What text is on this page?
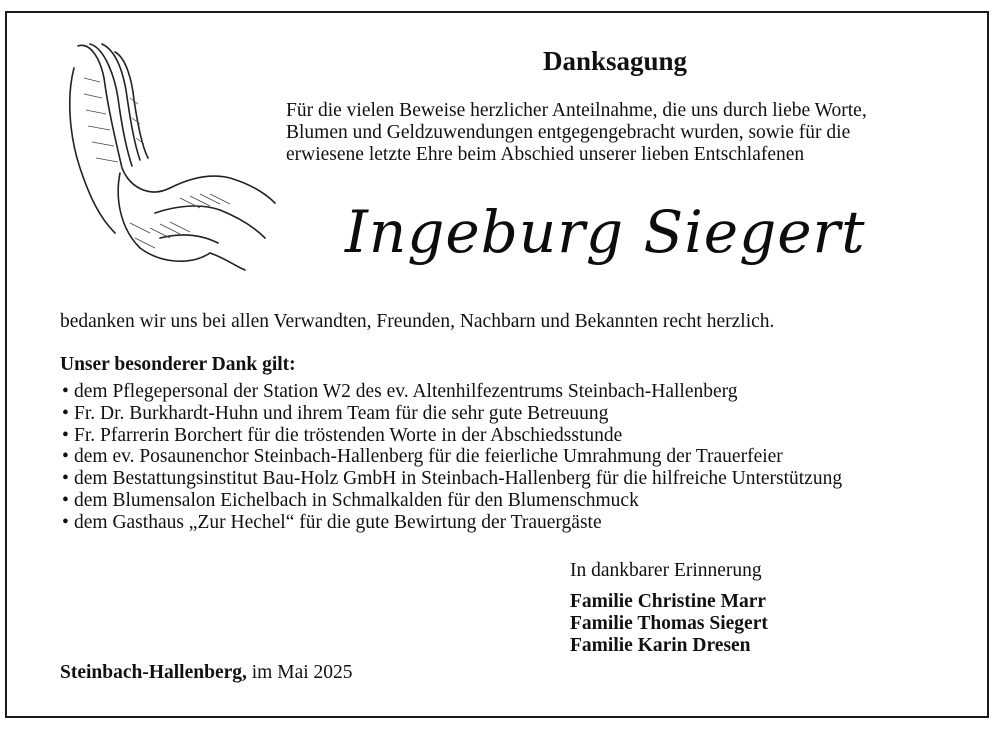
Danksagung
Für die vielen Beweise herzlicher Anteilnahme, die uns durch liebe Worte,
Blumen und Geldzuwendungen entgegengebracht wurden, sowie für die
erwiesene letzte Ehre beim Abschied unserer lieben Entschlafenen
Ingeburg Siegert
bedanken wir uns bei allen Verwandten, Freunden, Nachbarn und Bekannten recht herzlich.
Unser besonderer Dank gilt:
• dem Pflegepersonal der Station W2 des ev. Altenhilfezentrums Steinbach-Hallenberg
• Fr. Dr. Burkhardt-Huhn und ihrem Team für die sehr gute Betreuung
• Fr. Pfarrerin Borchert für die tröstenden Worte in der Abschiedsstunde
• dem ev. Posaunenchor Steinbach-Hallenberg für die feierliche Umrahmung der Trauerfeier
• dem Bestattungsinstitut Bau-Holz GmbH in Steinbach-Hallenberg für die hilfreiche Unterstützung
• dem Blumensalon Eichelbach in Schmalkalden für den Blumenschmuck
• dem Gasthaus „Zur Hechel“ für die gute Bewirtung der Trauergäste
In dankbarer Erinnerung
Familie Christine Marr
Familie Thomas Siegert
Familie Karin Dresen
Steinbach-Hallenberg, im Mai 2025
